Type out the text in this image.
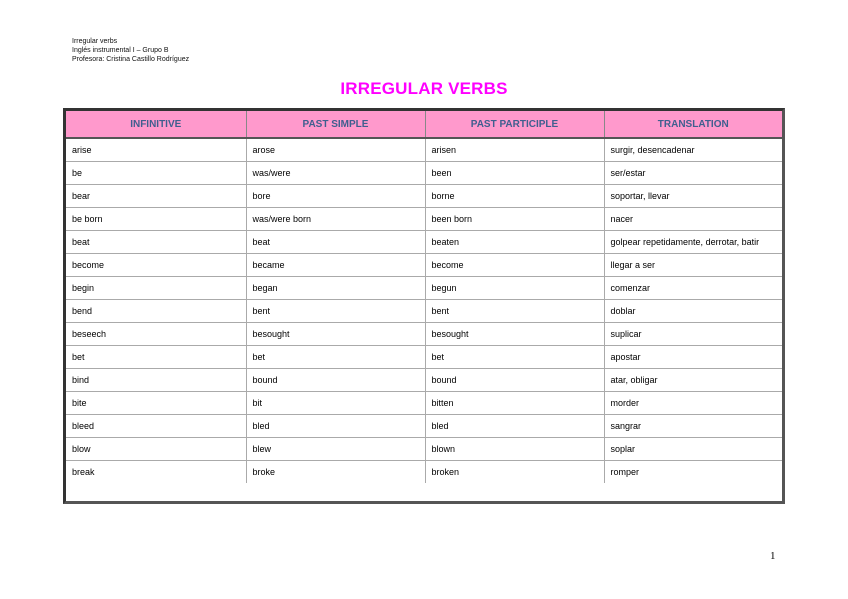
Irregular verbs
Inglés instrumental I – Grupo B
Profesora: Cristina Castillo Rodríguez
IRREGULAR VERBS
INFINITIVE	PAST SIMPLE	PAST PARTICIPLE	TRANSLATION
arise	arose	arisen	surgir, desencadenar
be	was/were	been	ser/estar
bear	bore	borne	soportar, llevar
be born	was/were born	been born	nacer
beat	beat	beaten	golpear repetidamente, derrotar, batir
become	became	become	llegar a ser
begin	began	begun	comenzar
bend	bent	bent	doblar
beseech	besought	besought	suplicar
bet	bet	bet	apostar
bind	bound	bound	atar, obligar
bite	bit	bitten	morder
bleed	bled	bled	sangrar
blow	blew	blown	soplar
break	broke	broken	romper
1
